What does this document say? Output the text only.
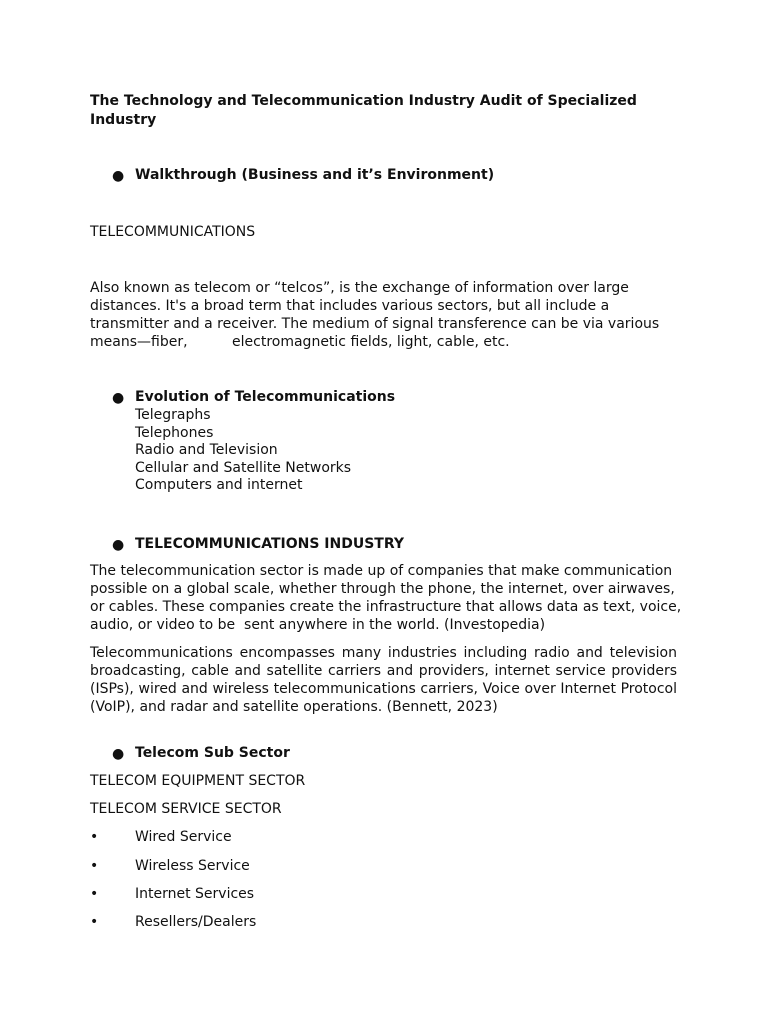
The Technology and Telecommunication Industry Audit of Specialized Industry
● Walkthrough (Business and it’s Environment)
TELECOMMUNICATIONS
Also known as telecom or “telcos”, is the exchange of information over large
distances. It's a broad term that includes various sectors, but all include a
transmitter and a receiver. The medium of signal transference can be via various
means—fiber,          electromagnetic fields, light, cable, etc.
● Evolution of Telecommunications
Telegraphs
Telephones
Radio and Television
Cellular and Satellite Networks
Computers and internet
● TELECOMMUNICATIONS INDUSTRY
The telecommunication sector is made up of companies that make communication
possible on a global scale, whether through the phone, the internet, over airwaves,
or cables. These companies create the infrastructure that allows data as text, voice,
audio, or video to be  sent anywhere in the world. (Investopedia)
Telecommunications encompasses many industries including radio and television
broadcasting, cable and satellite carriers and providers, internet service providers
(ISPs), wired and wireless telecommunications carriers, Voice over Internet Protocol
(VoIP), and radar and satellite operations. (Bennett, 2023)
● Telecom Sub Sector
TELECOM EQUIPMENT SECTOR
TELECOM SERVICE SECTOR
•	Wired Service
•	Wireless Service
•	Internet Services
•	Resellers/Dealers
